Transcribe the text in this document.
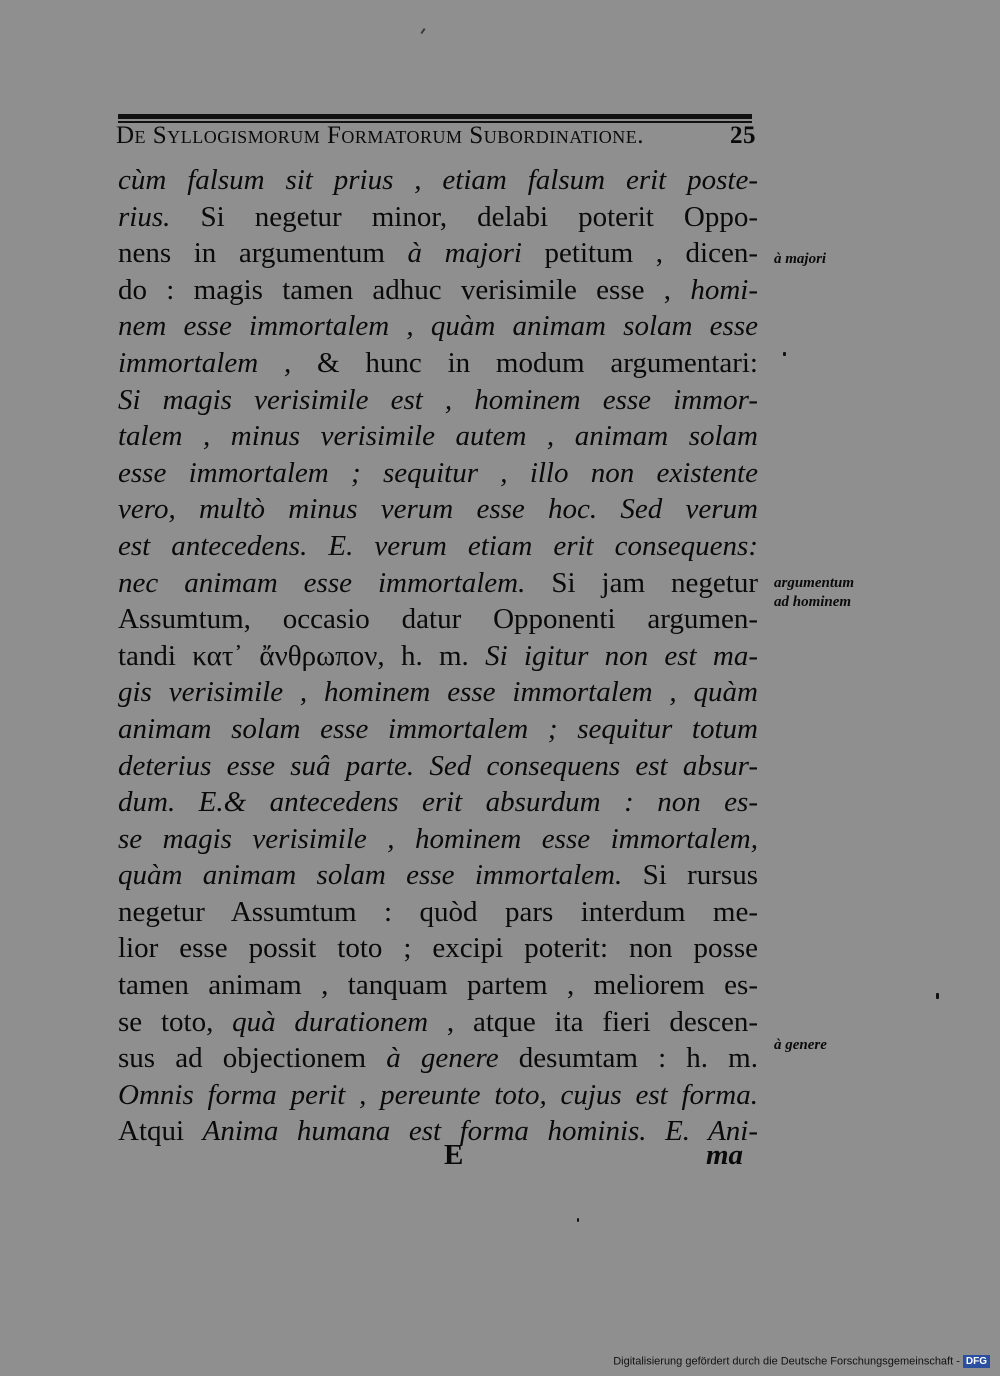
De Syllogismorum Formatorum Subordinatione.	25
cùm falsum sit prius , etiam falsum erit poste-
rius. Si negetur minor, delabi poterit Oppo-
nens in argumentum à majori petitum , dicen-
do : magis tamen adhuc verisimile esse , homi-
nem esse immortalem , quàm animam solam esse
immortalem , & hunc in modum argumentari:
Si magis verisimile est , hominem esse immor-
talem , minus verisimile autem , animam solam
esse immortalem ; sequitur , illo non existente
vero, multò minus verum esse hoc. Sed verum
est antecedens. E. verum etiam erit consequens:
nec animam esse immortalem. Si jam negetur
Assumtum, occasio datur Opponenti argumen-
tandi κατ᾽ ἄνθρωπον, h. m. Si igitur non est ma-
gis verisimile , hominem esse immortalem , quàm
animam solam esse immortalem ; sequitur totum
deterius esse suâ parte. Sed consequens est absur-
dum. E.& antecedens erit absurdum : non es-
se magis verisimile , hominem esse immortalem,
quàm animam solam esse immortalem. Si rursus
negetur Assumtum : quòd pars interdum me-
lior esse possit toto ; excipi poterit: non posse
tamen animam , tanquam partem , meliorem es-
se toto, quà durationem , atque ita fieri descen-
sus ad objectionem à genere desumtam : h. m.
Omnis forma perit , pereunte toto, cujus est forma.
Atqui Anima humana est forma hominis. E. Ani-
E	ma
à majori
argumentum
ad hominem
à genere
Digitalisierung gefördert durch die Deutsche Forschungsgemeinschaft - DFG
